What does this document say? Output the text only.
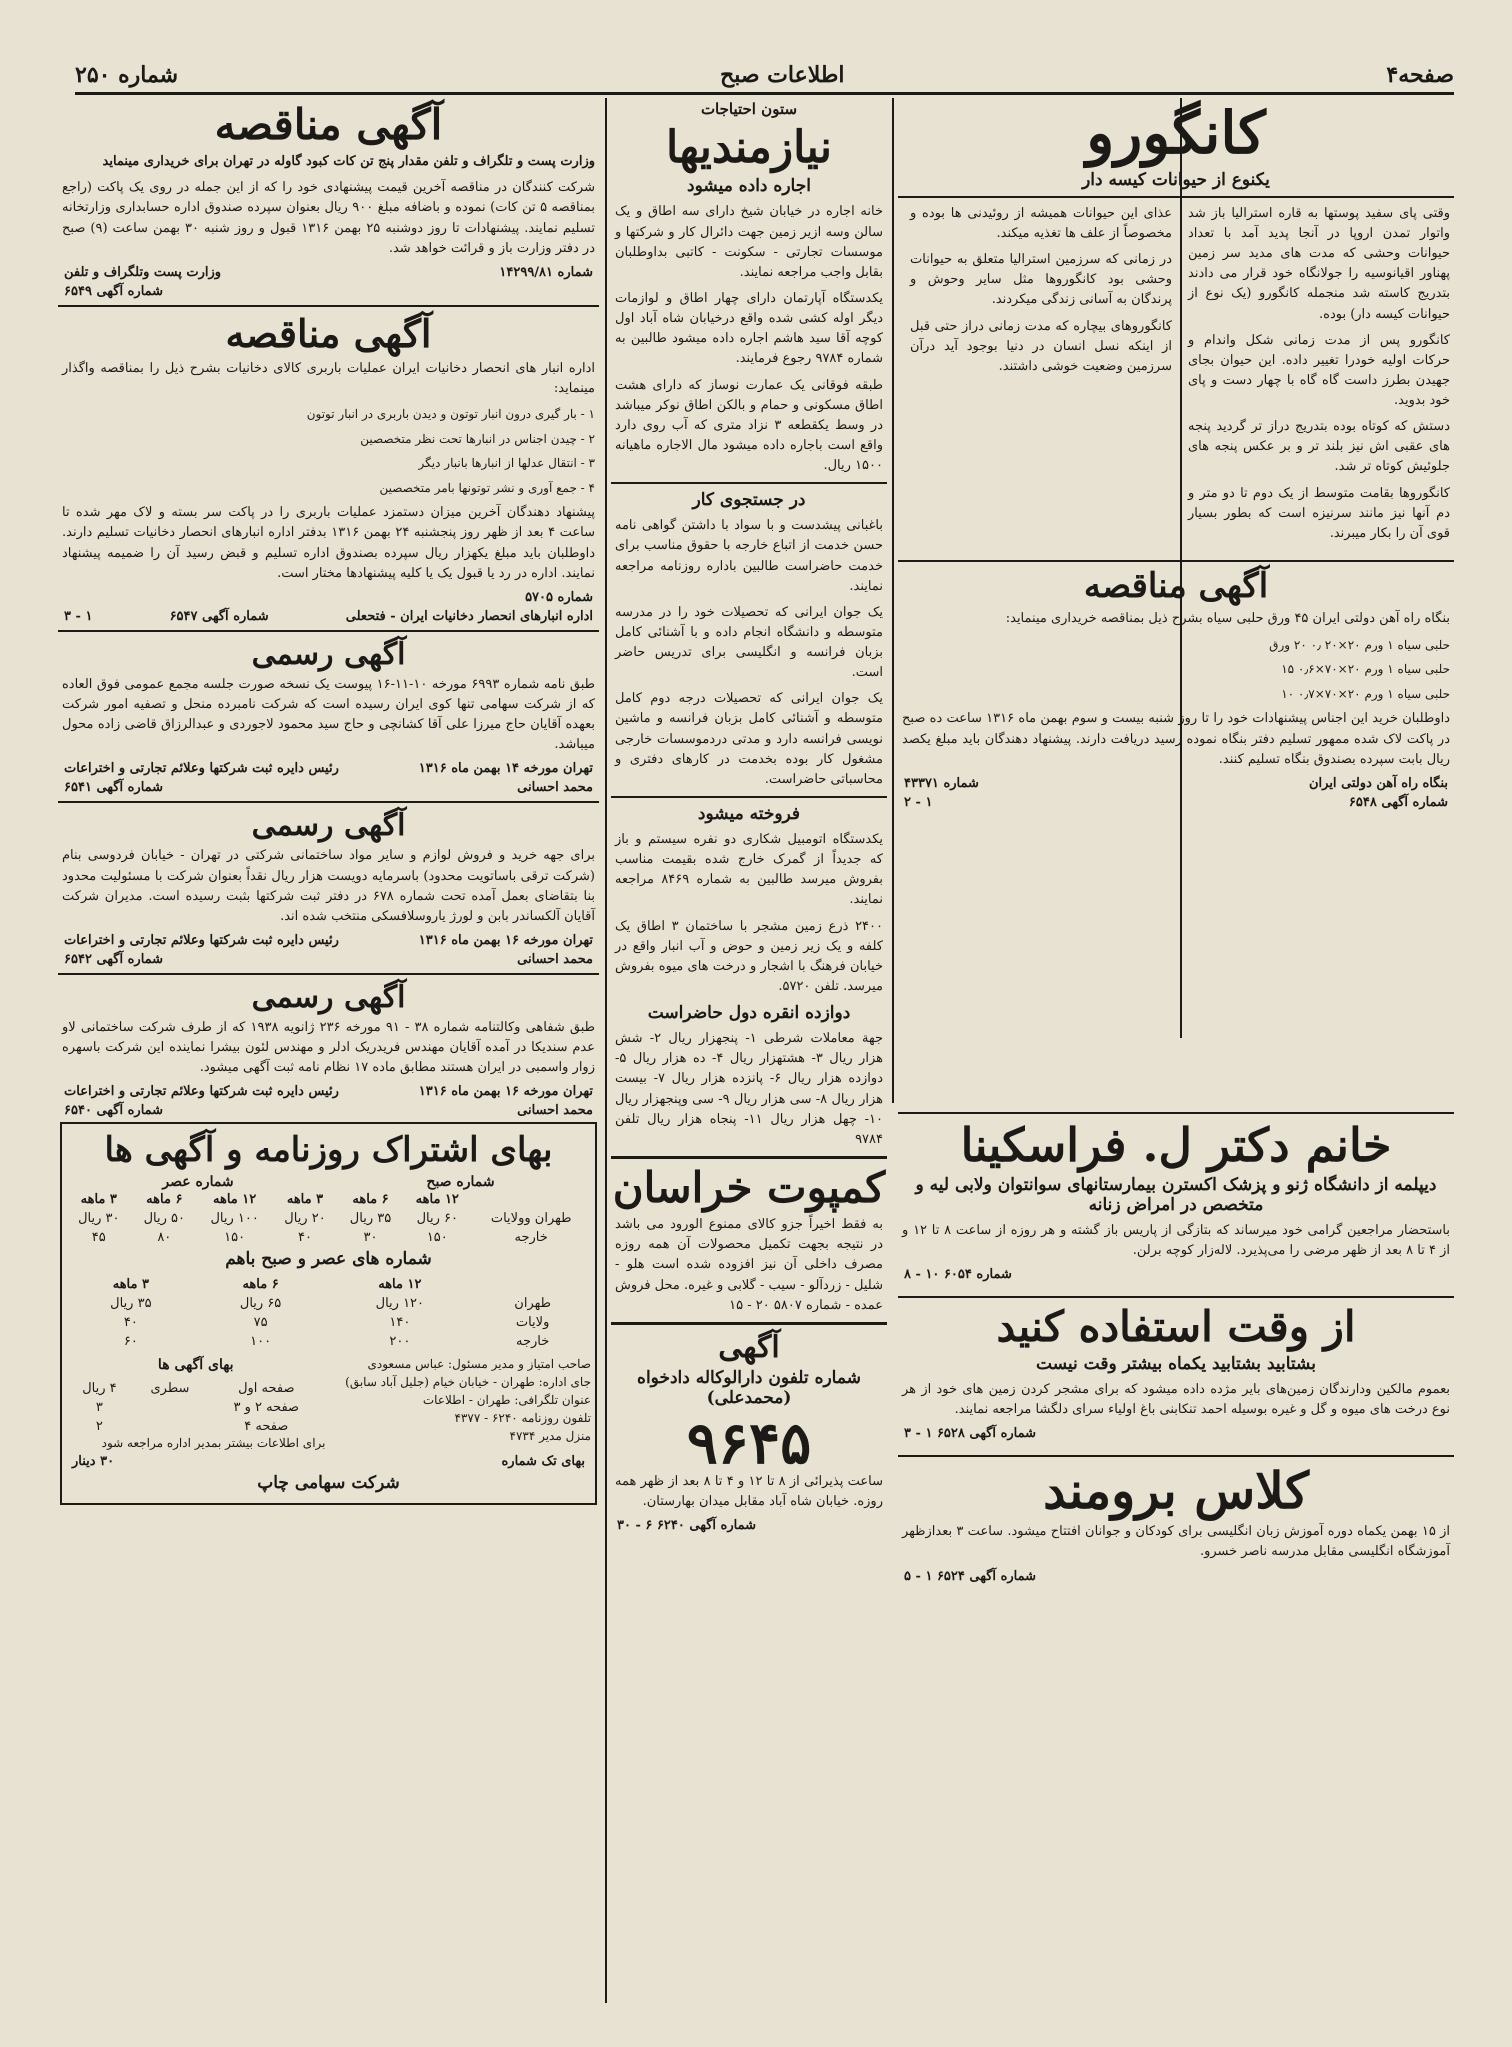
صفحه۴
اطلاعات صبح
شماره ۲۵۰
کانگورو
یکنوع از حیوانات کیسه دار

وقتی پای سفید پوستها به قاره استرالیا باز شد واتوار تمدن اروپا در آنجا پدید آمد با تعداد حیوانات وحشی که مدت های مدید سر زمین پهناور اقیانوسیه را جولانگاه خود قرار می دادند بتدریج کاسته شد منجمله کانگورو (یک نوع از حیوانات کیسه دار) بوده.

کانگورو پس از مدت زمانی شکل واندام و حرکات اولیه خودرا تغییر داده. این حیوان بجای جهیدن بطرز داست گاه گاه با چهار دست و پای خود بدوید.

دستش که کوتاه بوده بتدریج دراز تر گردید پنجه های عقبی اش نیز بلند تر و بر عکس پنجه های جلوئیش کوتاه تر شد.

کانگوروها بقامت متوسط از یک دوم تا دو متر و دم آنها نیز مانند سرنیزه است که بطور بسیار قوی آن را بکار میبرند.

عذای این حیوانات همیشه از روئیدنی ها بوده و مخصوصاً از علف ها تغذیه میکند.

در زمانی که سرزمین استرالیا متعلق به حیوانات وحشی بود کانگوروها مثل سایر وحوش و پرندگان به آسانی زندگی میکردند.

کانگوروهای بیچاره که مدت زمانی دراز حتی قبل از اینکه نسل انسان در دنیا بوجود آید درآن سرزمین وضعیت خوشی داشتند.

آگهی مناقصه

بنگاه راه آهن دولتی ایران ۴۵ ورق حلبی سیاه بشرح ذیل بمناقصه خریداری مینماید:

حلبی سیاه ۱ ورم ۲۰×۲۰ ۰٫ ۲۰ ورق

حلبی سیاه ۱ ورم ۲۰×۷۰×۰٫۶ ۱۵

حلبی سیاه ۱ ورم ۲۰×۷۰×۰٫۷ ۱۰

داوطلبان خرید این اجناس پیشنهادات خود را تا روز شنبه بیست و سوم بهمن ماه ۱۳۱۶ ساعت ده صبح در پاکت لاک شده ممهور تسلیم دفتر بنگاه نموده رسید دریافت دارند. پیشنهاد دهندگان باید مبلغ یکصد ریال بابت سپرده بصندوق بنگاه تسلیم کنند.

بنگاه راه آهن دولتی ایران
شماره ۴۳۳۷۱
شماره آگهی ۶۵۴۸
۱ - ۲
خانم دکتر ل. فراسکینا
دیپلمه از دانشگاه ژنو و پزشک اکسترن بیمارستانهای سوانتوان ولابی لیه و متخصص در امراض زنانه

باستحضار مراجعین گرامی خود میرساند که بتازگی از پاریس باز گشته و هر روزه از ساعت ۸ تا ۱۲ و از ۴ تا ۸ بعد از ظهر مرضی را می‌پذیرد. لاله‌زار کوچه برلن.

شماره ۶۰۵۴ ۱۰ - ۸
از وقت استفاده کنید
بشتابید بشتابید یکماه بیشتر وقت نیست

بعموم مالکین ودارندگان زمین‌های بایر مژده داده میشود که برای مشجر کردن زمین های خود از هر نوع درخت های میوه و گل و غیره بوسیله احمد تنکابنی باغ اولیاء سرای دلگشا مراجعه نمایند.

شماره آگهی ۶۵۲۸ ۱ - ۳
کلاس برومند

از ۱۵ بهمن یکماه دوره آموزش زبان انگلیسی برای کودکان و جوانان افتتاح میشود. ساعت ۳ بعدازظهر آموزشگاه انگلیسی مقابل مدرسه ناصر خسرو.

شماره آگهی ۶۵۲۴ ۱ - ۵
ستون احتیاجات
نیازمندیها
اجاره داده میشود

خانه اجاره در خیابان شیخ دارای سه اطاق و یک سالن وسه ازیر زمین جهت دائرال کار و شرکتها و موسسات تجارتی - سکونت - کاتبی بداوطلبان بقابل واجب مراجعه نمایند.

یکدستگاه آپارتمان دارای چهار اطاق و لوازمات دیگر اوله کشی شده واقع درخیابان شاه آباد اول کوچه آقا سید هاشم اجاره داده میشود طالبین به شماره ۹۷۸۴ رجوع فرمایند.

طبقه فوقانی یک عمارت نوساز که دارای هشت اطاق مسکونی و حمام و بالکن اطاق نوکر میباشد در وسط یکقطعه ۳ نزاد متری که آب روی دارد واقع است باجاره داده میشود مال الاجاره ماهیانه ۱۵۰۰ ریال.

در جستجوی کار

باغبانی پیشدست و با سواد با داشتن گواهی نامه حسن خدمت از اتباع خارجه با حقوق مناسب برای خدمت حاضراست طالبین باداره روزنامه مراجعه نمایند.

یک جوان ایرانی که تحصیلات خود را در مدرسه متوسطه و دانشگاه انجام داده و با آشنائی کامل بزبان فرانسه و انگلیسی برای تدریس حاضر است.

یک جوان ایرانی که تحصیلات درجه دوم کامل متوسطه و آشنائی کامل بزبان فرانسه و ماشین نویسی فرانسه دارد و مدتی دردموسسات خارجی مشغول کار بوده بخدمت در کارهای دفتری و محاسباتی حاضراست.

فروخته میشود

یکدستگاه اتومبیل شکاری دو نفره سیستم و باز که جدیداً از گمرک خارج شده بقیمت مناسب بفروش میرسد طالبین به شماره ۸۴۶۹ مراجعه نمایند.

۲۴۰۰ ذرع زمین مشجر با ساختمان ۳ اطاق یک کلفه و یک زیر زمین و حوض و آب انبار واقع در خیابان فرهنگ با اشجار و درخت های میوه بفروش میرسد. تلفن ۵۷۲۰.

دوازده انقره دول حاضراست

جهة معاملات شرطی ۱- پنجهزار ریال ۲- شش هزار ریال ۳- هشتهزار ریال ۴- ده هزار ریال ۵- دوازده هزار ریال ۶- پانزده هزار ریال ۷- بیست هزار ریال ۸- سی هزار ریال ۹- سی وپنجهزار ریال ۱۰- چهل هزار ریال ۱۱- پنجاه هزار ریال تلفن ۹۷۸۴

کمپوت خراسان

به فقط اخیراً جزو کالای ممنوع الورود می باشد در نتیجه بجهت تکمیل محصولات آن همه روزه مصرف داخلی آن نیز افزوده شده است هلو - شلیل - زردآلو - سیب - گلابی و غیره. محل فروش عمده - شماره ۵۸۰۷ ۲۰ - ۱۵

آگهی
شماره تلفون دارالوکاله دادخواه (محمدعلی)
۹۶۴۵

ساعت پذیرائی از ۸ تا ۱۲ و ۴ تا ۸ بعد از ظهر همه روزه. خیابان شاه آباد مقابل میدان بهارستان.

شماره آگهی ۶۲۴۰ ۶ - ۳۰
آگهی مناقصه

وزارت پست و تلگراف و تلفن مقدار پنج تن کات کبود گاوله در تهران برای خریداری مینماید

شرکت کنندگان در مناقصه آخرین قیمت پیشنهادی خود را که از این جمله در روی یک پاکت (راجع بمناقصه ۵ تن کات) نموده و باضافه مبلغ ۹۰۰ ریال بعنوان سپرده صندوق اداره حسابداری وزارتخانه تسلیم نمایند. پیشنهادات تا روز دوشنبه ۲۵ بهمن ۱۳۱۶ قبول و روز شنبه ۳۰ بهمن ساعت (۹) صبح در دفتر وزارت باز و قرائت خواهد شد.

شماره ۱۴۲۹۹/۸۱
وزارت پست وتلگراف و تلفن
شماره آگهی ۶۵۴۹
آگهی مناقصه

اداره انبار های انحصار دخانیات ایران عملیات باربری کالای دخانیات بشرح ذیل را بمناقصه واگذار مینماید:

۱ - بار گیری درون انبار توتون و دیدن باربری در انبار توتون

۲ - چیدن اجناس در انبارها تحت نظر متخصصین

۳ - انتقال عدلها از انبارها بانبار دیگر

۴ - جمع آوری و نشر توتونها بامر متخصصین

پیشنهاد دهندگان آخرین میزان دستمزد عملیات باربری را در پاکت سر بسته و لاک مهر شده تا ساعت ۴ بعد از ظهر روز پنجشنبه ۲۴ بهمن ۱۳۱۶ بدفتر اداره انبارهای انحصار دخانیات تسلیم دارند. داوطلبان باید مبلغ یکهزار ریال سپرده بصندوق اداره تسلیم و قبض رسید آن را ضمیمه پیشنهاد نمایند. اداره در رد یا قبول یک یا کلیه پیشنهادها مختار است.

شماره ۵۷۰۵
اداره انبارهای انحصار دخانیات ایران - فتحعلی
شماره آگهی ۶۵۴۷
۱ - ۳
آگهی رسمی

طبق نامه شماره ۶۹۹۳ مورخه ۱۰-۱۱-۱۶ پیوست یک نسخه صورت جلسه مجمع عمومی فوق العاده که از شرکت سهامی تنها کوی ایران رسیده است که شرکت نامبرده منحل و تصفیه امور شرکت بعهده آقایان حاج میرزا علی آقا کشانچی و حاج سید محمود لاجوردی و عبدالرزاق قاضی زاده محول میباشد.

تهران مورخه ۱۴ بهمن ماه ۱۳۱۶
رئیس دایره ثبت شرکتها وعلائم تجارتی و اختراعات
محمد احسانی
شماره آگهی ۶۵۴۱
آگهی رسمی

برای جهه خرید و فروش لوازم و سایر مواد ساختمانی شرکتی در تهران - خیابان فردوسی بنام (شرکت ترقی باساتویت محدود) باسرمایه دویست هزار ریال نقداً بعنوان شرکت با مسئولیت محدود بنا بتقاضای بعمل آمده تحت شماره ۶۷۸ در دفتر ثبت شرکتها بثبت رسیده است. مدیران شرکت آقایان آلکساندر بابن و لورژ یاروسلافسکی منتخب شده اند.

تهران مورخه ۱۶ بهمن ماه ۱۳۱۶
رئیس دایره ثبت شرکتها وعلائم تجارتی و اختراعات
محمد احسانی
شماره آگهی ۶۵۴۲
آگهی رسمی

طبق شفاهی وکالتنامه شماره ۳۸ - ۹۱ مورخه ۲۳۶ ژانویه ۱۹۳۸ که از طرف شرکت ساختمانی لاو عدم سندیکا در آمده آقایان مهندس فریدریک ادلر و مهندس لئون بیشرا نماینده این شرکت باسهره زوار واسمبی در ایران هستند مطابق ماده ۱۷ نظام نامه ثبت آگهی میشود.

تهران مورخه ۱۶ بهمن ماه ۱۳۱۶
رئیس دایره ثبت شرکتها وعلائم تجارتی و اختراعات
محمد احسانی
شماره آگهی ۶۵۴۰
بهای اشتراک روزنامه و آگهی ها
شماره صبح
شماره عصر
	۱۲ ماهه	۶ ماهه	۳ ماهه	۱۲ ماهه	۶ ماهه	۳ ماهه
طهران وولایات	۶۰ ریال	۳۵ ریال	۲۰ ریال	۱۰۰ ریال	۵۰ ریال	۳۰ ریال
خارجه	۱۵۰	۳۰	۴۰	۱۵۰	۸۰	۴۵
شماره های عصر و صبح باهم
	۱۲ ماهه	۶ ماهه	۳ ماهه
طهران	۱۲۰ ریال	۶۵ ریال	۳۵ ریال
ولایات	۱۴۰	۷۵	۴۰
خارجه	۲۰۰	۱۰۰	۶۰
صاحب امتیاز و مدیر مسئول: عباس مسعودی
جای اداره: طهران - خیابان خیام (جلیل آباد سابق)
عنوان تلگرافی: طهران - اطلاعات
تلفون روزنامه ۶۲۴۰ - ۴۳۷۷
منزل مدیر ۴۷۳۴
بهای آگهی ها
صفحه اول	سطری	۴ ریال
صفحه ۲ و ۳		۳
صفحه ۴		۲
برای اطلاعات بیشتر بمدیر اداره مراجعه شود
بهای تک شماره
۳۰ دینار
شرکت سهامی چاپ
